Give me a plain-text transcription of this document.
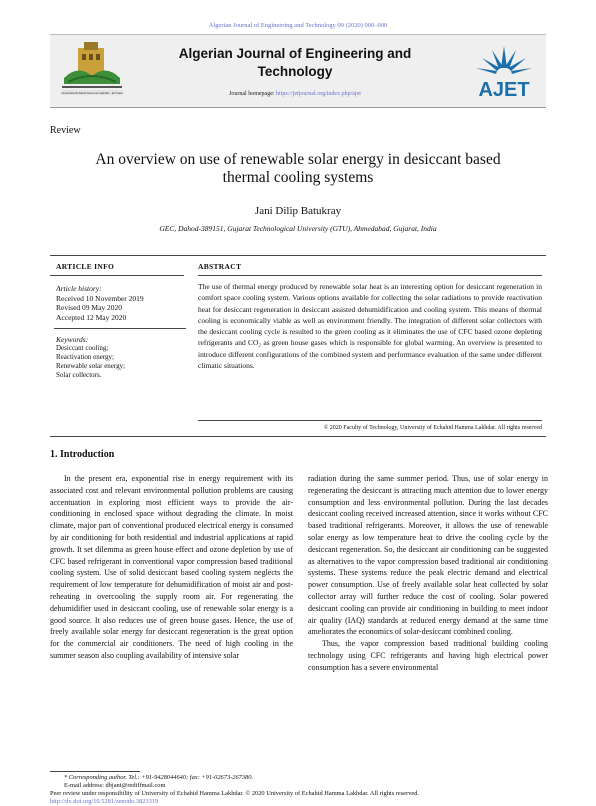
Algerian Journal of Engineering and Technology 09 (2020) 000–000
Université Echahid Hamma Lakhdar - El Oued
Algerian Journal of Engineering and
Technology
Journal homepage: https://jetjournal.org/index.php/ajet	AJET
Review
An overview on use of renewable solar energy in desiccant based
thermal cooling systems
Jani Dilip Batukray
GEC, Dahod-389151, Gujarat Technological University (GTU), Ahmedabad, Gujarat, India
ARTICLE INFO
Article history:
Received 10 November 2019
Revised 09 May 2020
Accepted 12 May 2020
Keywords:
Desiccant cooling;
Reactivation energy;
Renewable solar energy;
Solar collectors.
ABSTRACT
The use of thermal energy produced by renewable solar heat is an interesting option for desiccant regeneration in comfort space cooling system. Various options available for collecting the solar radiations to provide reactivation heat for desiccant regeneration in desiccant assisted dehumidification and cooling system. This means of thermal cooling is economically viable as well as environment friendly. The integration of different solar collectors with the desiccant cooling cycle is resulted to the green cooling as it eliminates the use of CFC based ozone depleting refrigerants and CO₂ as green house gases which is responsible for global warming. An overview is presented to introduce different configurations of the combined system and performance evaluation of the same under different climatic situations.
© 2020 Faculty of Technology, University of Echahid Hamma Lakhdar. All rights reserved
1. Introduction

In the present era, exponential rise in energy requirement with its associated cost and relevant environmental pollution problems are causing accentuation in exploring most efficient ways to provide the air-conditioning in enclosed space without degrading the climate. In moist climate, major part of conventional produced electrical energy is consumed by air conditioning for both residential and industrial applications at rapid growth. It set dilemma as green house effect and ozone depletion by use of CFC based refrigerant in conventional vapor compression based traditional cooling system. Use of solid desiccant based cooling system neglects the requirement of low temperature for dehumidification of moist air and post-reheating in overcooling the supply room air. For regenerating the dehumidifier used in desiccant cooling, use of renewable solar energy is a good source. It also reduces use of green house gases. Hence, the use of freely available solar energy for desiccant regeneration is the great option for the commercial air conditioners. The need of high cooling in the summer season also coupling availability of intensive solar

radiation during the same summer period. Thus, use of solar energy in regenerating the desiccant is attracting much attention due to lower energy consumption and less environmental pollution. During the last decades desiccant cooling received increased attention, since it works without CFC based traditional refrigerants. Moreover, it allows the use of renewable solar energy as low temperature heat to drive the cooling cycle by the desiccant regeneration. So, the desiccant air conditioning can be suggested as alternatives to the vapor compression based traditional air conditioning systems. These systems reduce the peak electric demand and electrical power consumption. Use of freely available solar heat collected by solar collector array will further reduce the cost of cooling. Solar powered desiccant cooling can provide air conditioning in building to meet indoor air quality (IAQ) standards at reduced energy demand at the same time ameliorates the economics of solar-desiccant combined cooling.

Thus, the vapor compression based traditional building cooling technology using CFC refrigerants and having high electrical power consumption has a severe environmental

* Corresponding author. Tel.: +91-9428044640; fax: +91-02673-267380.
E-mail address: dbjani@rediffmail.com
Peer review under responsibility of University of Echahid Hamma Lakhdar. © 2020 University of Echahid Hamma Lakhdar. All rights reserved.
http://dx.doi.org/10.5281/zenodo.3823319
